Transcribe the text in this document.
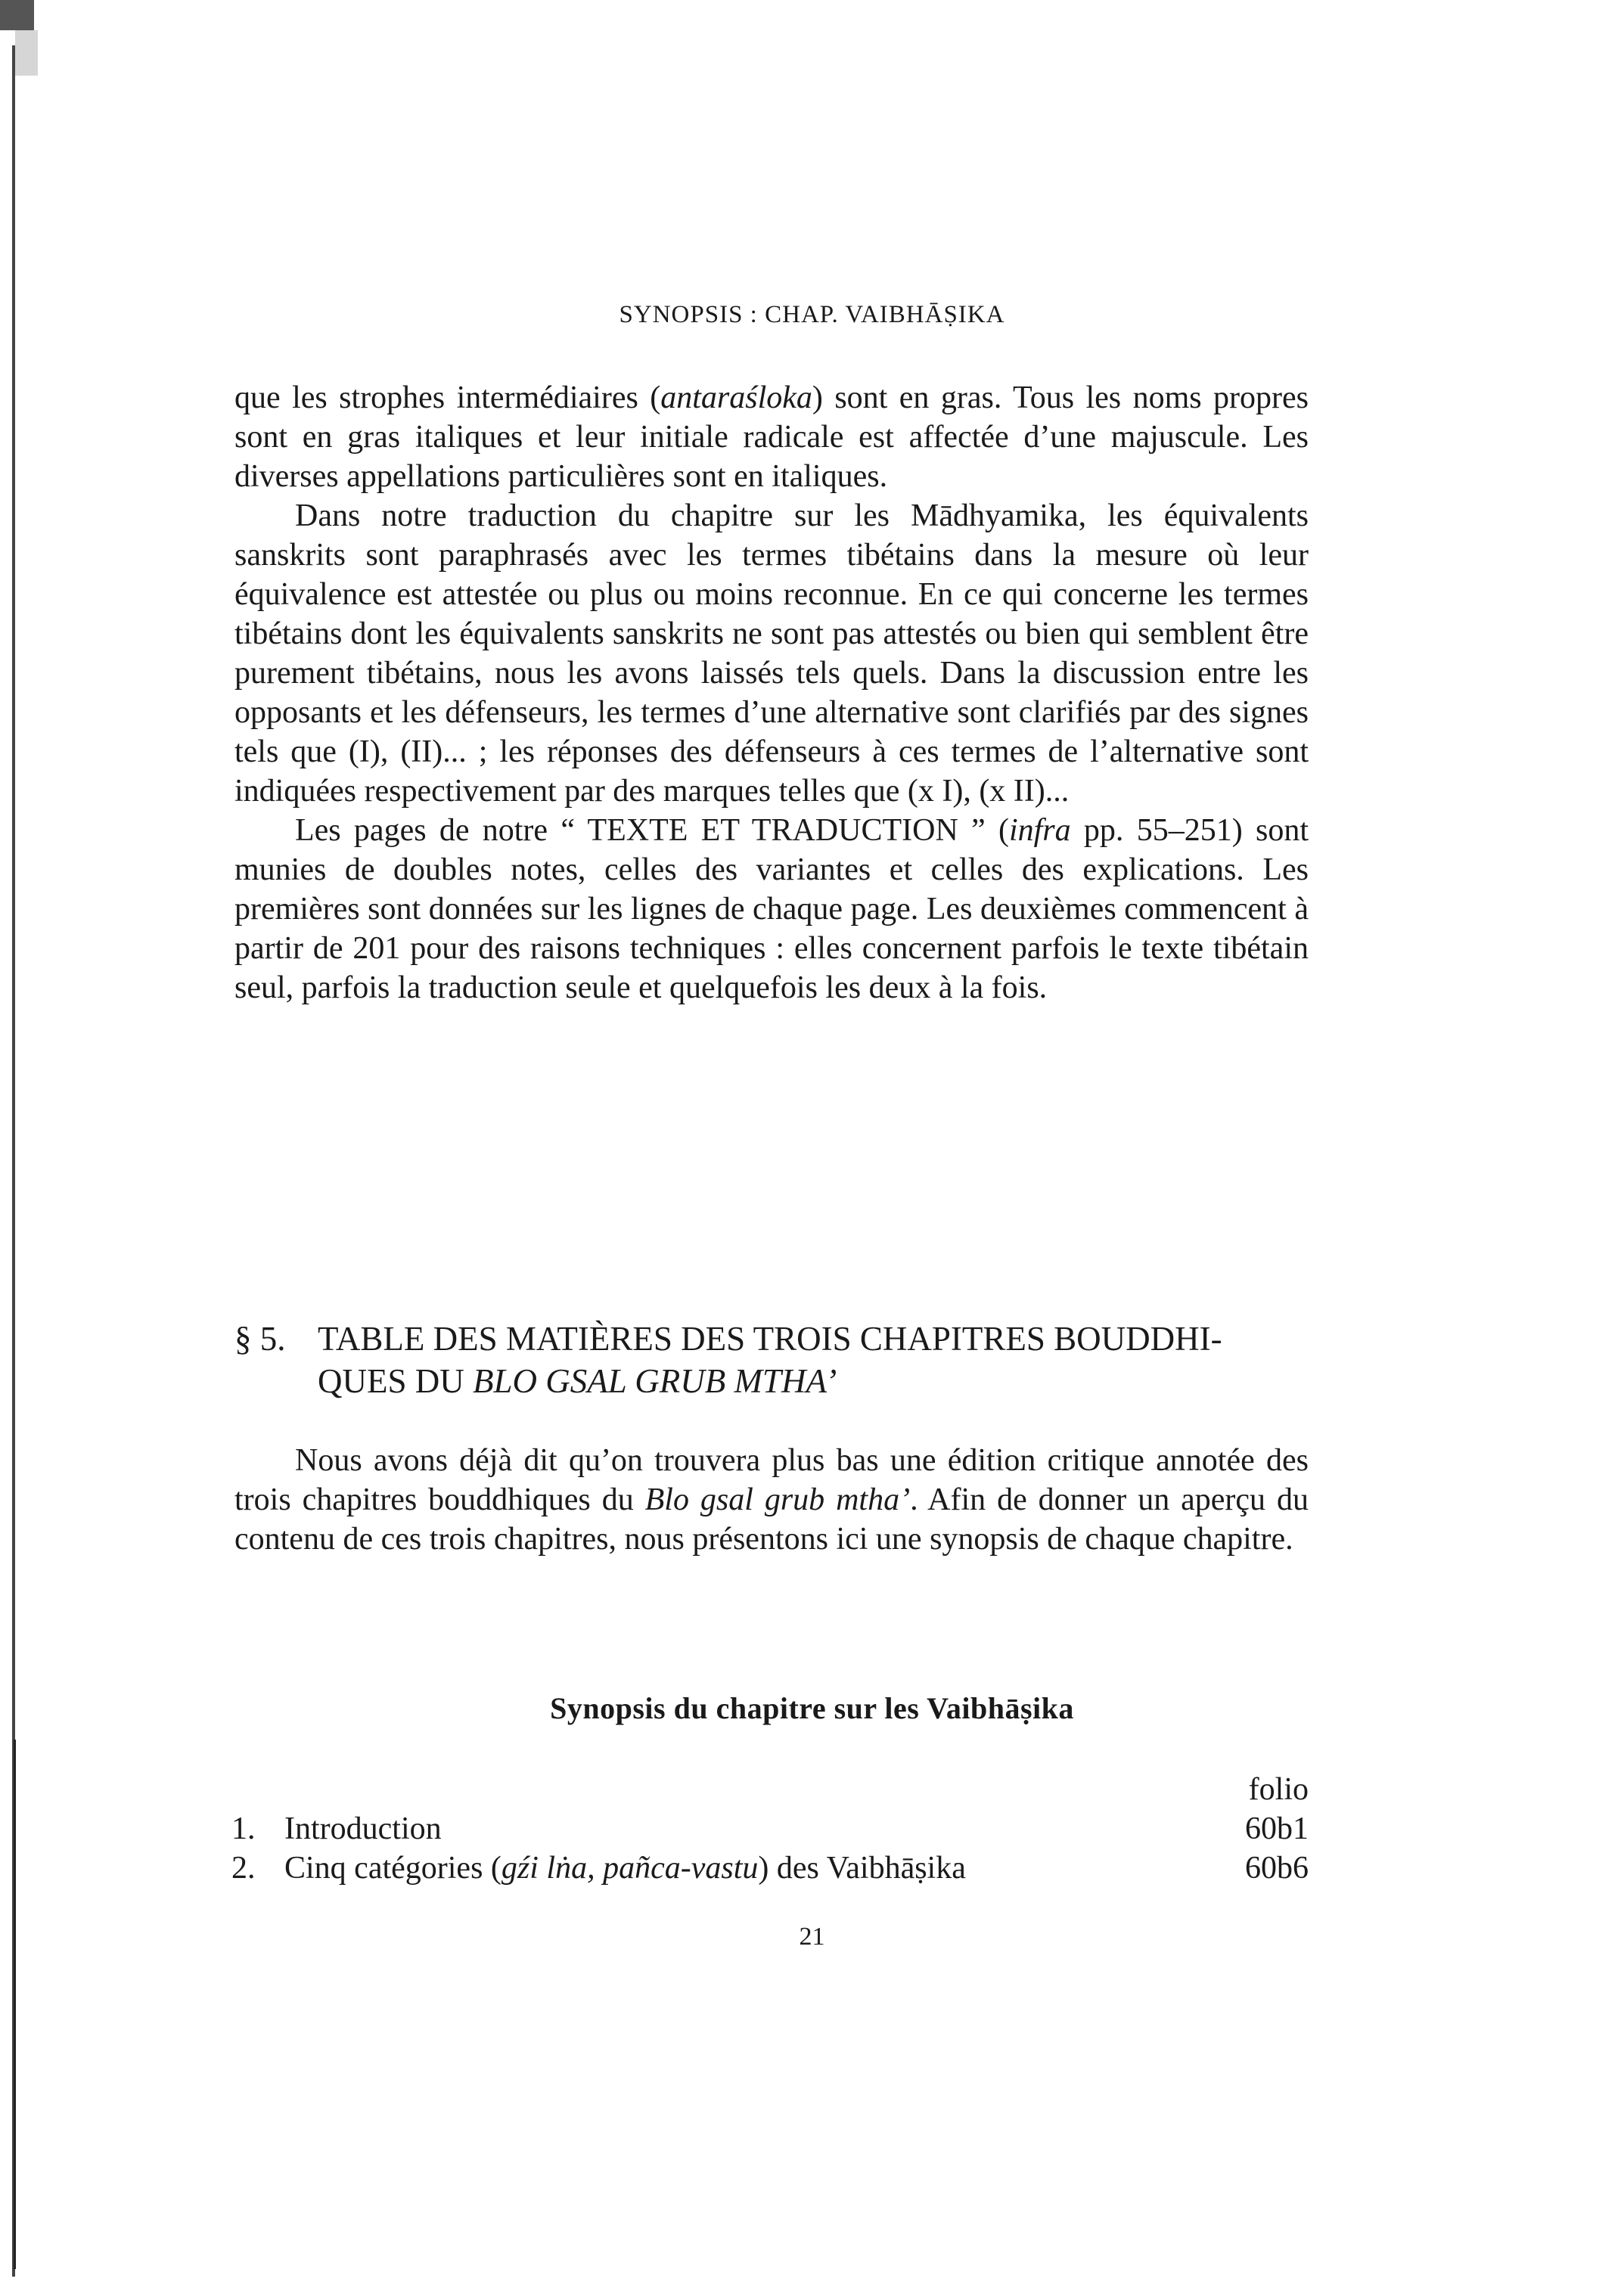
SYNOPSIS : CHAP. VAIBHĀṢIKA

que les strophes intermédiaires (antaraśloka) sont en gras. Tous les noms propres sont en gras italiques et leur initiale radicale est affectée d’une majuscule. Les diverses appellations particulières sont en italiques.

Dans notre traduction du chapitre sur les Mādhyamika, les équivalents sanskrits sont paraphrasés avec les termes tibétains dans la mesure où leur équivalence est attestée ou plus ou moins reconnue. En ce qui concerne les termes tibétains dont les équivalents sanskrits ne sont pas attestés ou bien qui semblent être purement tibétains, nous les avons laissés tels quels. Dans la discussion entre les opposants et les défenseurs, les termes d’une alternative sont clarifiés par des signes tels que (I), (II)... ; les réponses des défenseurs à ces termes de l’alternative sont indiquées respectivement par des marques telles que (x I), (x II)...

Les pages de notre “ TEXTE ET TRADUCTION ” (infra pp. 55–251) sont munies de doubles notes, celles des variantes et celles des explications. Les premières sont données sur les lignes de chaque page. Les deuxièmes commencent à partir de 201 pour des raisons techniques : elles concernent parfois le texte tibétain seul, parfois la traduction seule et quelquefois les deux à la fois.

§ 5. TABLE DES MATIÈRES DES TROIS CHAPITRES BOUDDHI-
QUES DU BLO GSAL GRUB MTHA’

Nous avons déjà dit qu’on trouvera plus bas une édition critique annotée des trois chapitres bouddhiques du Blo gsal grub mtha’. Afin de donner un aperçu du contenu de ces trois chapitres, nous présentons ici une synopsis de chaque chapitre.

Synopsis du chapitre sur les Vaibhāṣika
folio
1. Introduction	60b1
2. Cinq catégories (gźi lṅa, pañca-vastu) des Vaibhāṣika	60b6
21
